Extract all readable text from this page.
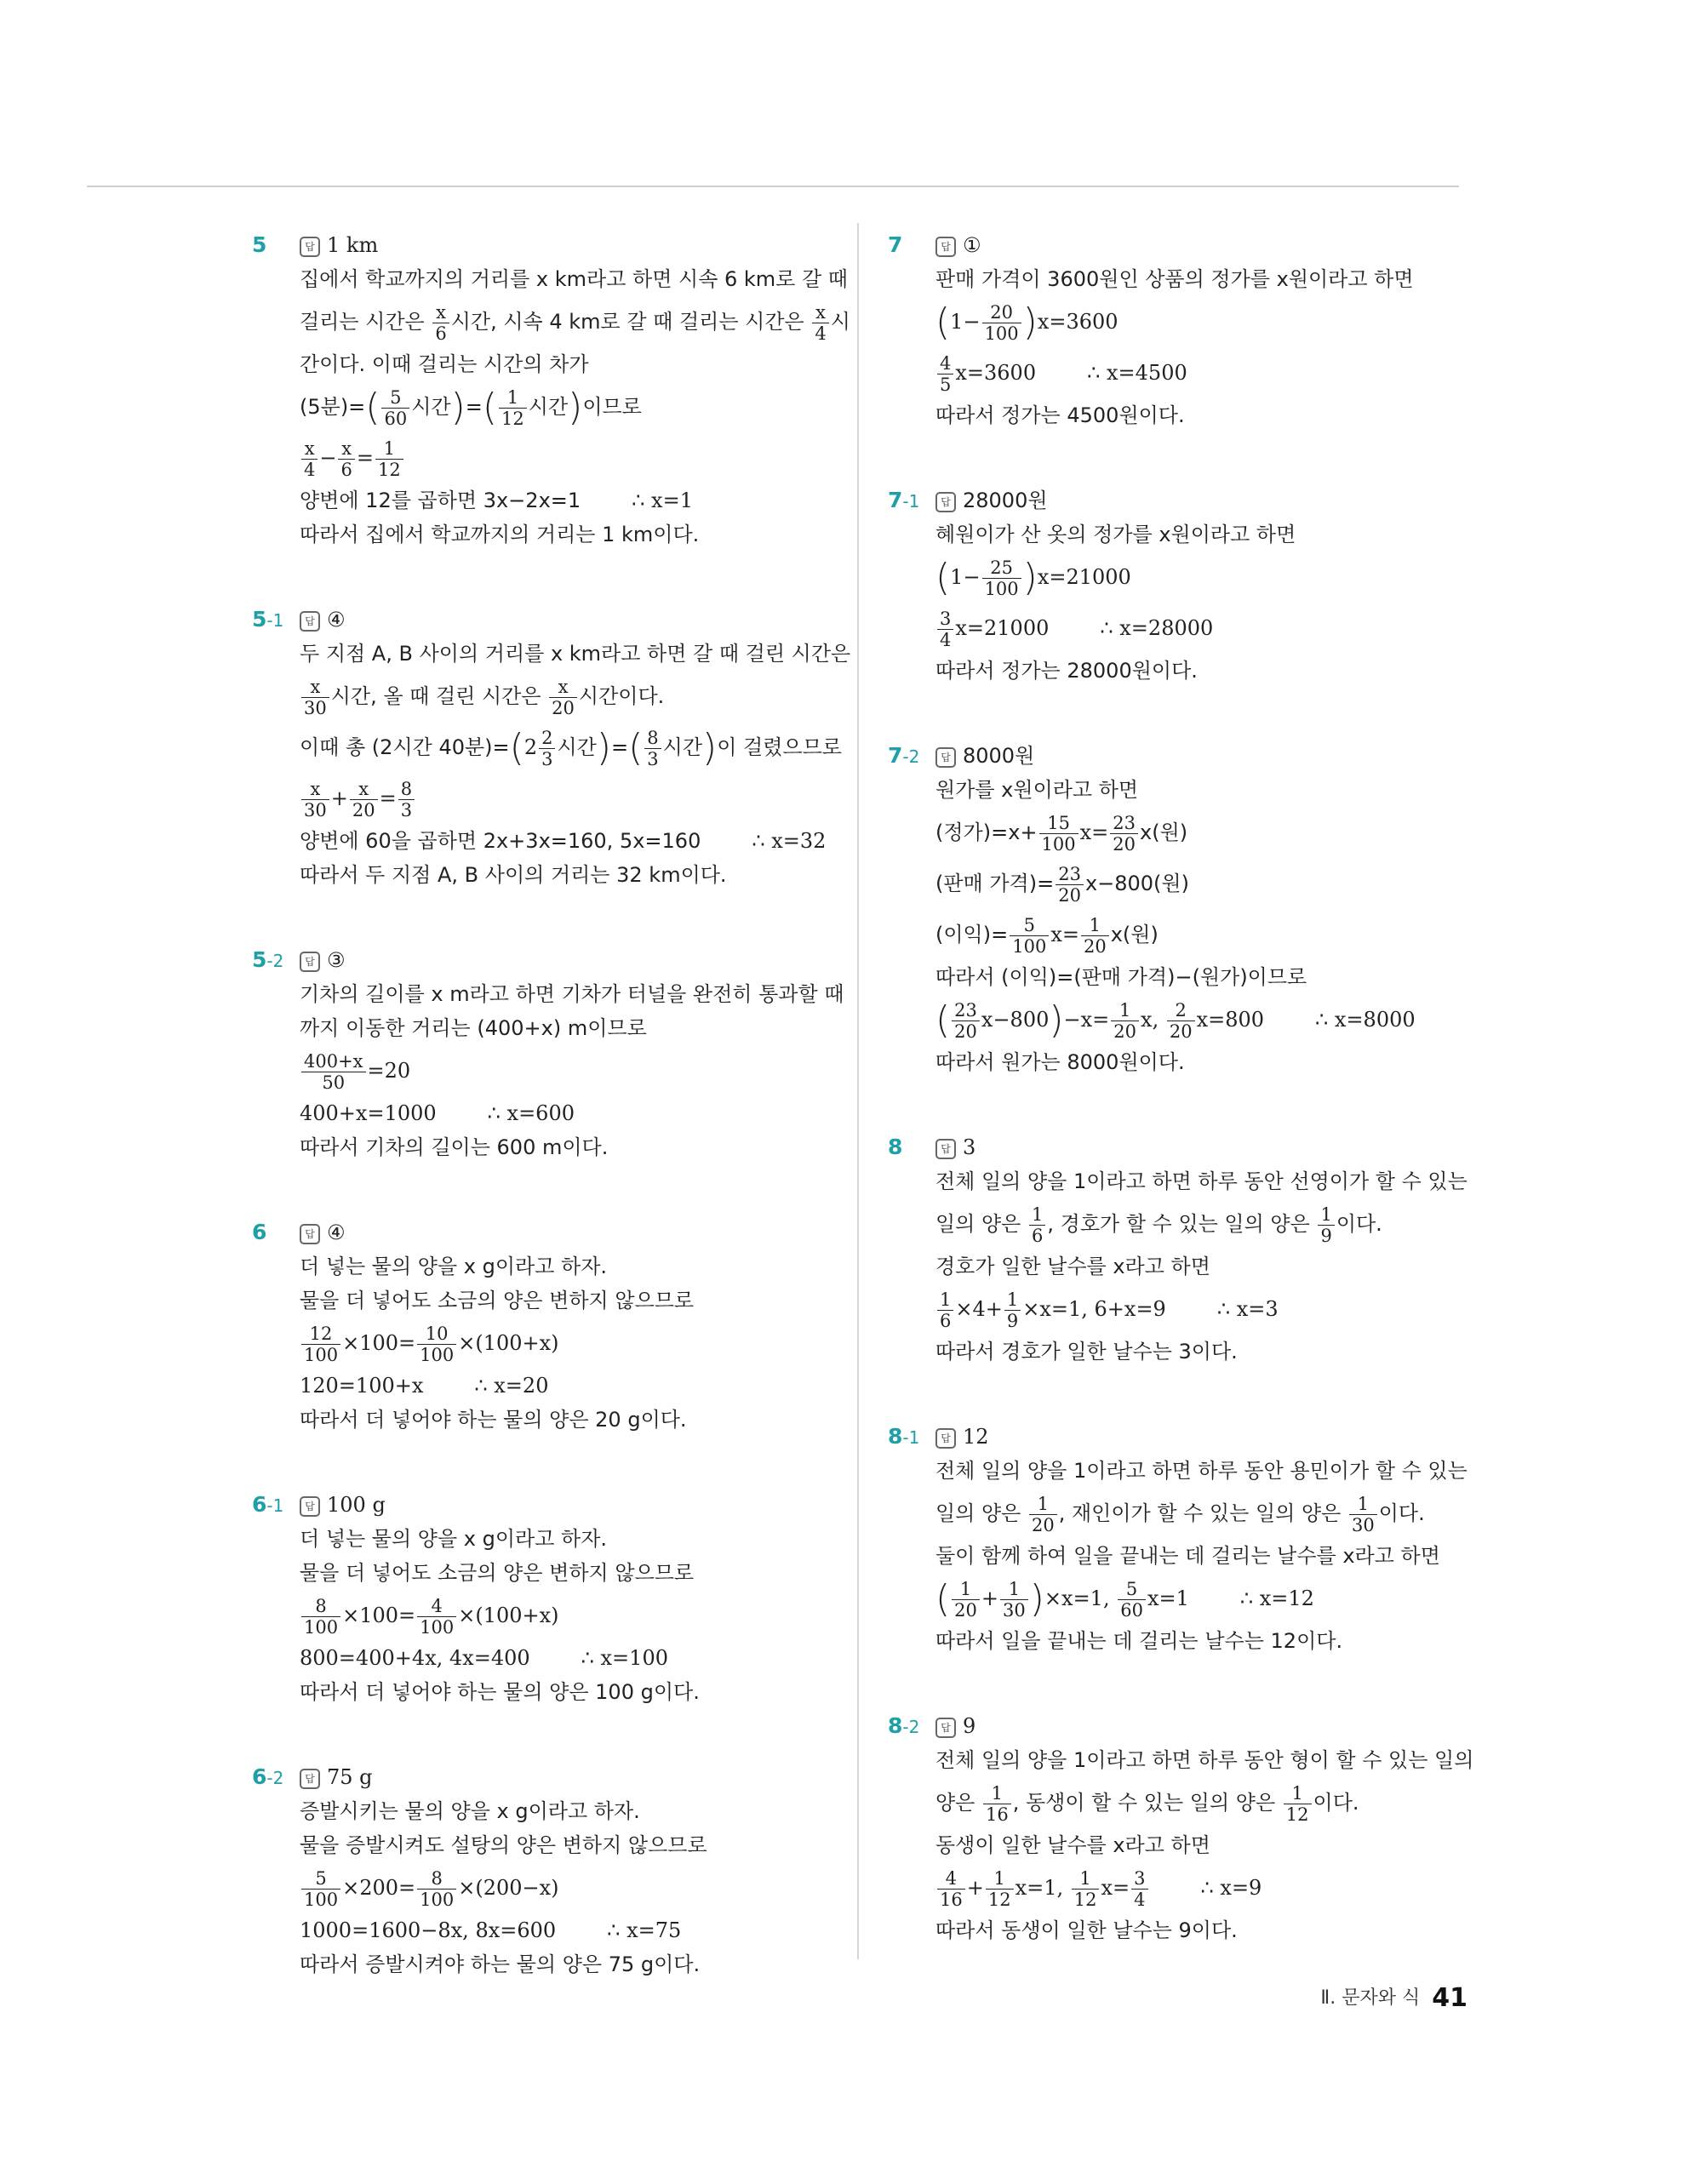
5	답 1 km
집에서 학교까지의 거리를 x km라고 하면 시속 6 km로 갈 때
걸리는 시간은 $\frac{x}{6}$ 시간, 시속 4 km로 갈 때 걸리는 시간은 $\frac{x}{4}$ 시
간이다. 이때 걸리는 시간의 차가
(5분)=( $\frac{5}{60}$ 시간)=( $\frac{1}{12}$ 시간)이므로
$\frac{x}{4} - \frac{x}{6} = \frac{1}{12}$
양변에 12를 곱하면 3x−2x=1	∴ x=1
따라서 집에서 학교까지의 거리는 1 km이다.
5-1	답 ④
두 지점 A, B 사이의 거리를 x km라고 하면 갈 때 걸린 시간은
$\frac{x}{30}$ 시간, 올 때 걸린 시간은 $\frac{x}{20}$ 시간이다.
이때 총 (2시간 40분)$=(2 \frac{2}{3}$ 시간)=( $\frac{8}{3}$ 시간)이 걸렸으므로
$\frac{x}{30} + \frac{x}{20} = \frac{8}{3}$
양변에 60을 곱하면 2x+3x=160, 5x=160	∴ x=32
따라서 두 지점 A, B 사이의 거리는 32 km이다.
5-2	답 ③
기차의 길이를 x m라고 하면 기차가 터널을 완전히 통과할 때
까지 이동한 거리는 (400+x) m이므로
$\frac{400+x}{50} =20$
400+x=1000	∴ x=600
따라서 기차의 길이는 600 m이다.
6	답 ④
더 넣는 물의 양을 x g이라고 하자.
물을 더 넣어도 소금의 양은 변하지 않으므로
$\frac{12}{100} \times 100= \frac{10}{100} \times(100+x)$
120=100+x	∴ x=20
따라서 더 넣어야 하는 물의 양은 20 g이다.
6-1	답 100 g
더 넣는 물의 양을 x g이라고 하자.
물을 더 넣어도 소금의 양은 변하지 않으므로
$\frac{8}{100} \times 100= \frac{4}{100} \times(100+x)$
800=400+4x, 4x=400	∴ x=100
따라서 더 넣어야 하는 물의 양은 100 g이다.
6-2	답 75 g
증발시키는 물의 양을 x g이라고 하자.
물을 증발시켜도 설탕의 양은 변하지 않으므로
$\frac{5}{100} \times 200= \frac{8}{100} \times(200-x)$
1000=1600−8x, 8x=600	∴ x=75
따라서 증발시켜야 하는 물의 양은 75 g이다.
7	답 ①
판매 가격이 3600원인 상품의 정가를 x원이라고 하면
$(1- \frac{20}{100} )x=3600$
$\frac{4}{5} x=3600$	∴ x=4500
따라서 정가는 4500원이다.
7-1	답 28000원
혜원이가 산 옷의 정가를 x원이라고 하면
$(1- \frac{25}{100} )x=21000$
$\frac{3}{4} x=21000$	∴ x=28000
따라서 정가는 28000원이다.
7-2	답 8000원
원가를 x원이라고 하면
(정가)$=x+ \frac{15}{100} x= \frac{23}{20} x$(원)
(판매 가격)= $\frac{23}{20} x-800$(원)
(이익)= $\frac{5}{100} x= \frac{1}{20} x$(원)
따라서 (이익)=(판매 가격)−(원가)이므로
( $\frac{23}{20} x-800)-x= \frac{1}{20} x$, $\frac{2}{20} x=800$	∴ x=8000
따라서 원가는 8000원이다.
8	답 3
전체 일의 양을 1이라고 하면 하루 동안 선영이가 할 수 있는
일의 양은 $\frac{1}{6}$ , 경호가 할 수 있는 일의 양은 $\frac{1}{9}$ 이다.
경호가 일한 날수를 x라고 하면
$\frac{1}{6} \times 4+ \frac{1}{9} \times x=1$, 6+x=9	∴ x=3
따라서 경호가 일한 날수는 3이다.
8-1	답 12
전체 일의 양을 1이라고 하면 하루 동안 용민이가 할 수 있는
일의 양은 $\frac{1}{20}$ , 재인이가 할 수 있는 일의 양은 $\frac{1}{30}$ 이다.
둘이 함께 하여 일을 끝내는 데 걸리는 날수를 x라고 하면
( $\frac{1}{20} + \frac{1}{30} )\times x=1$, $\frac{5}{60} x=1$	∴ x=12
따라서 일을 끝내는 데 걸리는 날수는 12이다.
8-2	답 9
전체 일의 양을 1이라고 하면 하루 동안 형이 할 수 있는 일의
양은 $\frac{1}{16}$ , 동생이 할 수 있는 일의 양은 $\frac{1}{12}$ 이다.
동생이 일한 날수를 x라고 하면
$\frac{4}{16} + \frac{1}{12} x=1$, $\frac{1}{12} x= \frac{3}{4}$	∴ x=9
따라서 동생이 일한 날수는 9이다.
Ⅱ. 문자와 식 41
